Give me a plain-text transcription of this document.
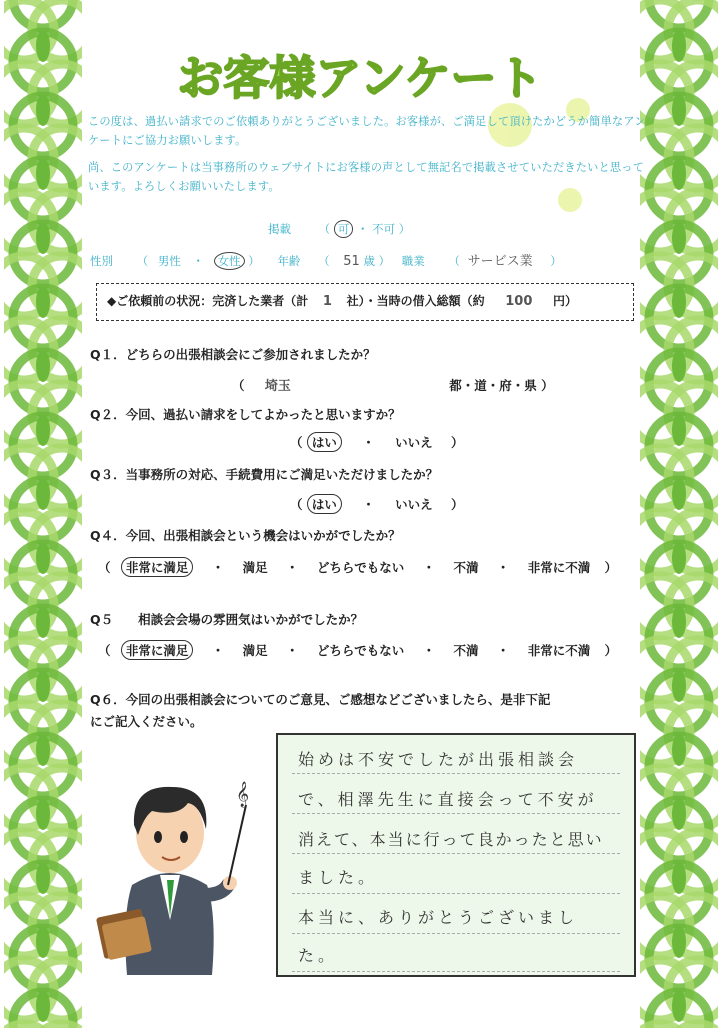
お客様アンケート

この度は、過払い請求でのご依頼ありがとうございました。お客様が、ご満足して頂けたかどうか簡単なアンケートにご協力お願いします。

尚、このアンケートは当事務所のウェブサイトにお客様の声として無記名で掲載させていただきたいと思っています。よろしくお願いいたします。

掲載 （ 可 ・ 不可 ）
性別 （ 男性 ・ 女性 ） 年齢 （ 51 歳 ） 職業 （ サービス業 ）
◆ご依頼前の状況：完済した業者（計 1 社）・当時の借入総額（約 100 円）
Q１．どちらの出張相談会にご参加されましたか？
（ 埼玉	都・道・府・県 ）
Q２．今回、過払い請求をしてよかったと思いますか？
（ はい ・ いいえ ）
Q３．当事務所の対応、手続費用にご満足いただけましたか？
（ はい ・ いいえ ）
Q４．今回、出張相談会という機会はいかがでしたか？
（ 非常に満足 ・ 満足 ・ どちらでもない ・ 不満 ・ 非常に不満 ）
Q５　　相談会会場の雰囲気はいかがでしたか？
（ 非常に満足 ・ 満足 ・ どちらでもない ・ 不満 ・ 非常に不満 ）
Q６．今回の出張相談会についてのご意見、ご感想などございましたら、是非下記
にご記入ください。
𝄞
始めは不安でしたが出張相談会
で、相澤先生に直接会って不安が
消えて、本当に行って良かったと思い
ました。
本当に、ありがとうございまし
た。
